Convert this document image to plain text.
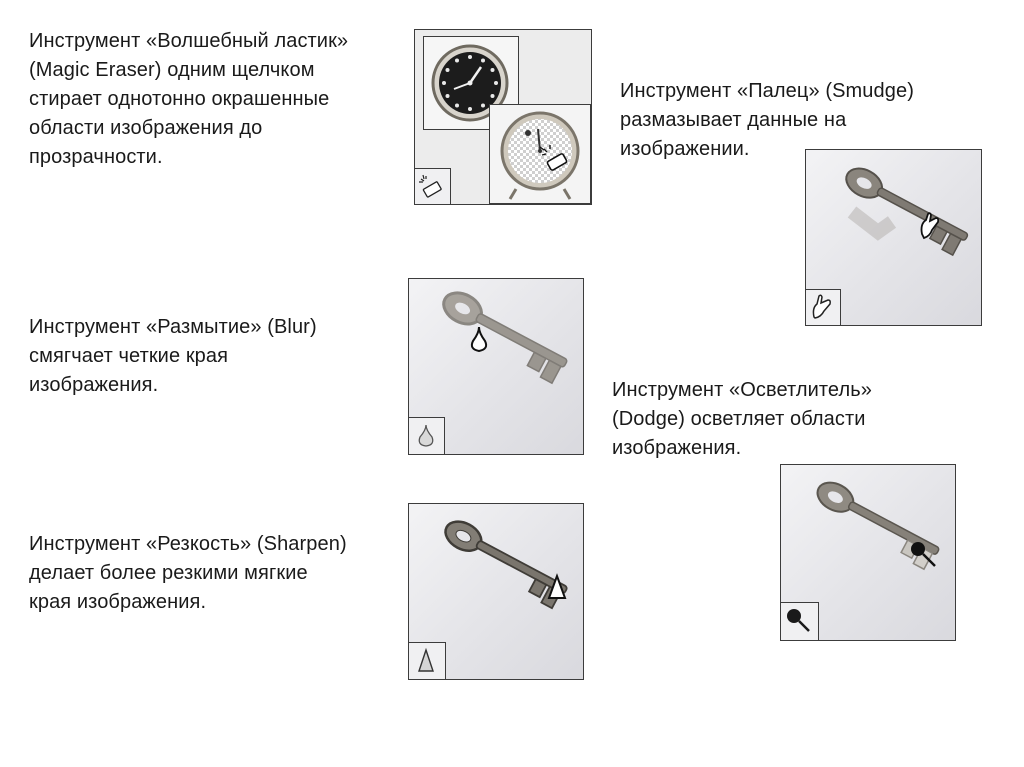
Инструмент «Волшебный ластик»
(Magic Eraser) одним щелчком
стирает однотонно окрашенные
области изображения до
прозрачности.

Инструмент «Палец» (Smudge)
размазывает данные на
изображении.

Инструмент «Размытие» (Blur)
смягчает четкие края
изображения.	Инструмент «Осветлитель»
(Dodge) осветляет области
изображения.

Инструмент «Резкость» (Sharpen)
делает более резкими мягкие
края изображения.
